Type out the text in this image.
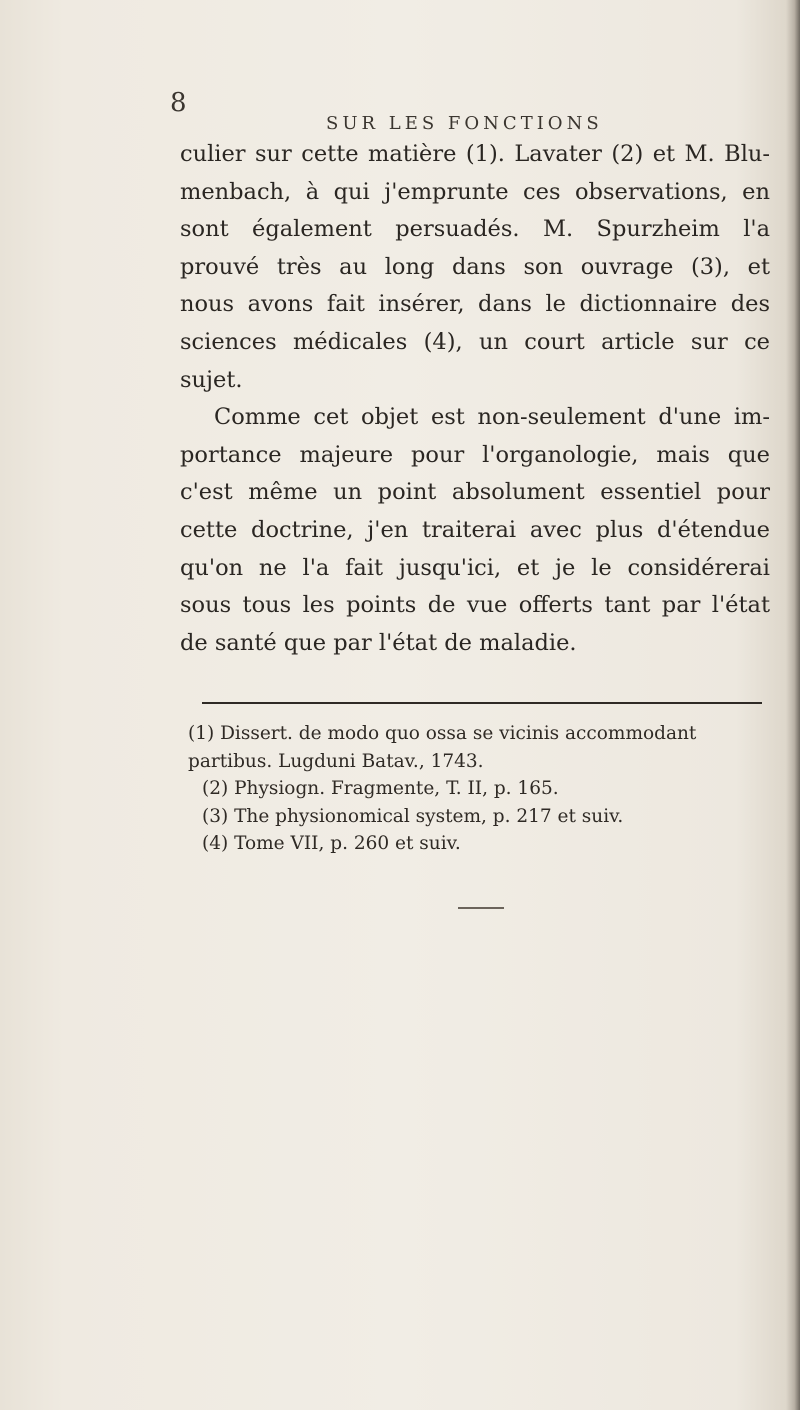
8
SUR LES FONCTIONS
culier sur cette matière (1). Lavater (2) et M. Blu-
menbach, à qui j'emprunte ces observations, en
sont également persuadés. M. Spurzheim l'a
prouvé très au long dans son ouvrage (3), et
nous avons fait insérer, dans le dictionnaire des
sciences médicales (4), un court article sur ce
sujet.
Comme cet objet est non-seulement d'une im-
portance majeure pour l'organologie, mais que
c'est même un point absolument essentiel pour
cette doctrine, j'en traiterai avec plus d'étendue
qu'on ne l'a fait jusqu'ici, et je le considérerai
sous tous les points de vue offerts tant par l'état
de santé que par l'état de maladie.
(1) Dissert. de modo quo ossa se vicinis accommodant
partibus. Lugduni Batav., 1743.
(2) Physiogn. Fragmente, T. II, p. 165.
(3) The physionomical system, p. 217 et suiv.
(4) Tome VII, p. 260 et suiv.
